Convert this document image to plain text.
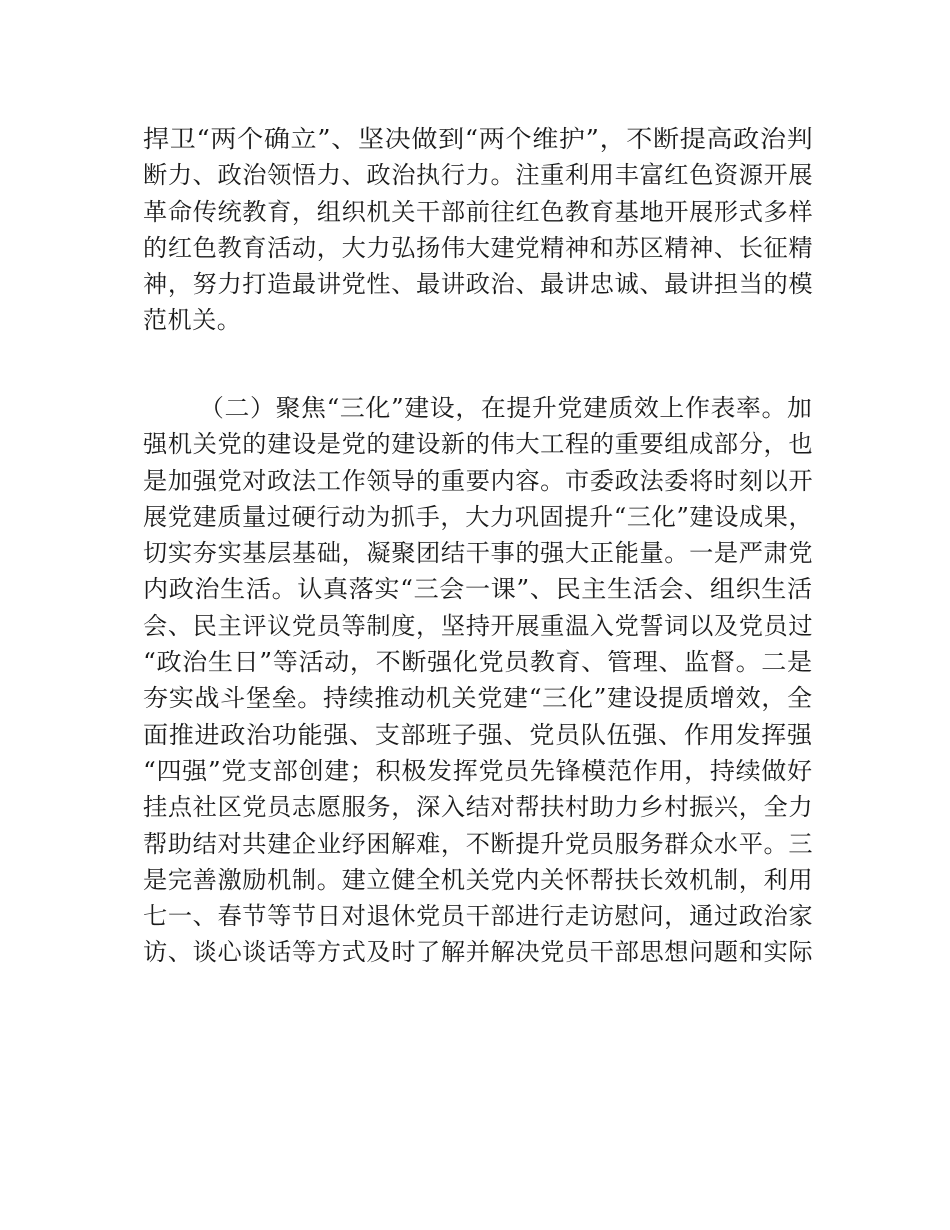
捍卫“两个确立”、坚决做到“两个维护”，不断提高政治判
断力、政治领悟力、政治执行力。注重利用丰富红色资源开展
革命传统教育，组织机关干部前往红色教育基地开展形式多样
的红色教育活动，大力弘扬伟大建党精神和苏区精神、长征精
神，努力打造最讲党性、最讲政治、最讲忠诚、最讲担当的模
范机关。
（二）聚焦“三化”建设，在提升党建质效上作表率。加
强机关党的建设是党的建设新的伟大工程的重要组成部分，也
是加强党对政法工作领导的重要内容。市委政法委将时刻以开
展党建质量过硬行动为抓手，大力巩固提升“三化”建设成果，
切实夯实基层基础，凝聚团结干事的强大正能量。一是严肃党
内政治生活。认真落实“三会一课”、民主生活会、组织生活
会、民主评议党员等制度，坚持开展重温入党誓词以及党员过
“政治生日”等活动，不断强化党员教育、管理、监督。二是
夯实战斗堡垒。持续推动机关党建“三化”建设提质增效，全
面推进政治功能强、支部班子强、党员队伍强、作用发挥强
“四强”党支部创建；积极发挥党员先锋模范作用，持续做好
挂点社区党员志愿服务，深入结对帮扶村助力乡村振兴，全力
帮助结对共建企业纾困解难，不断提升党员服务群众水平。三
是完善激励机制。建立健全机关党内关怀帮扶长效机制，利用
七一、春节等节日对退休党员干部进行走访慰问，通过政治家
访、谈心谈话等方式及时了解并解决党员干部思想问题和实际
